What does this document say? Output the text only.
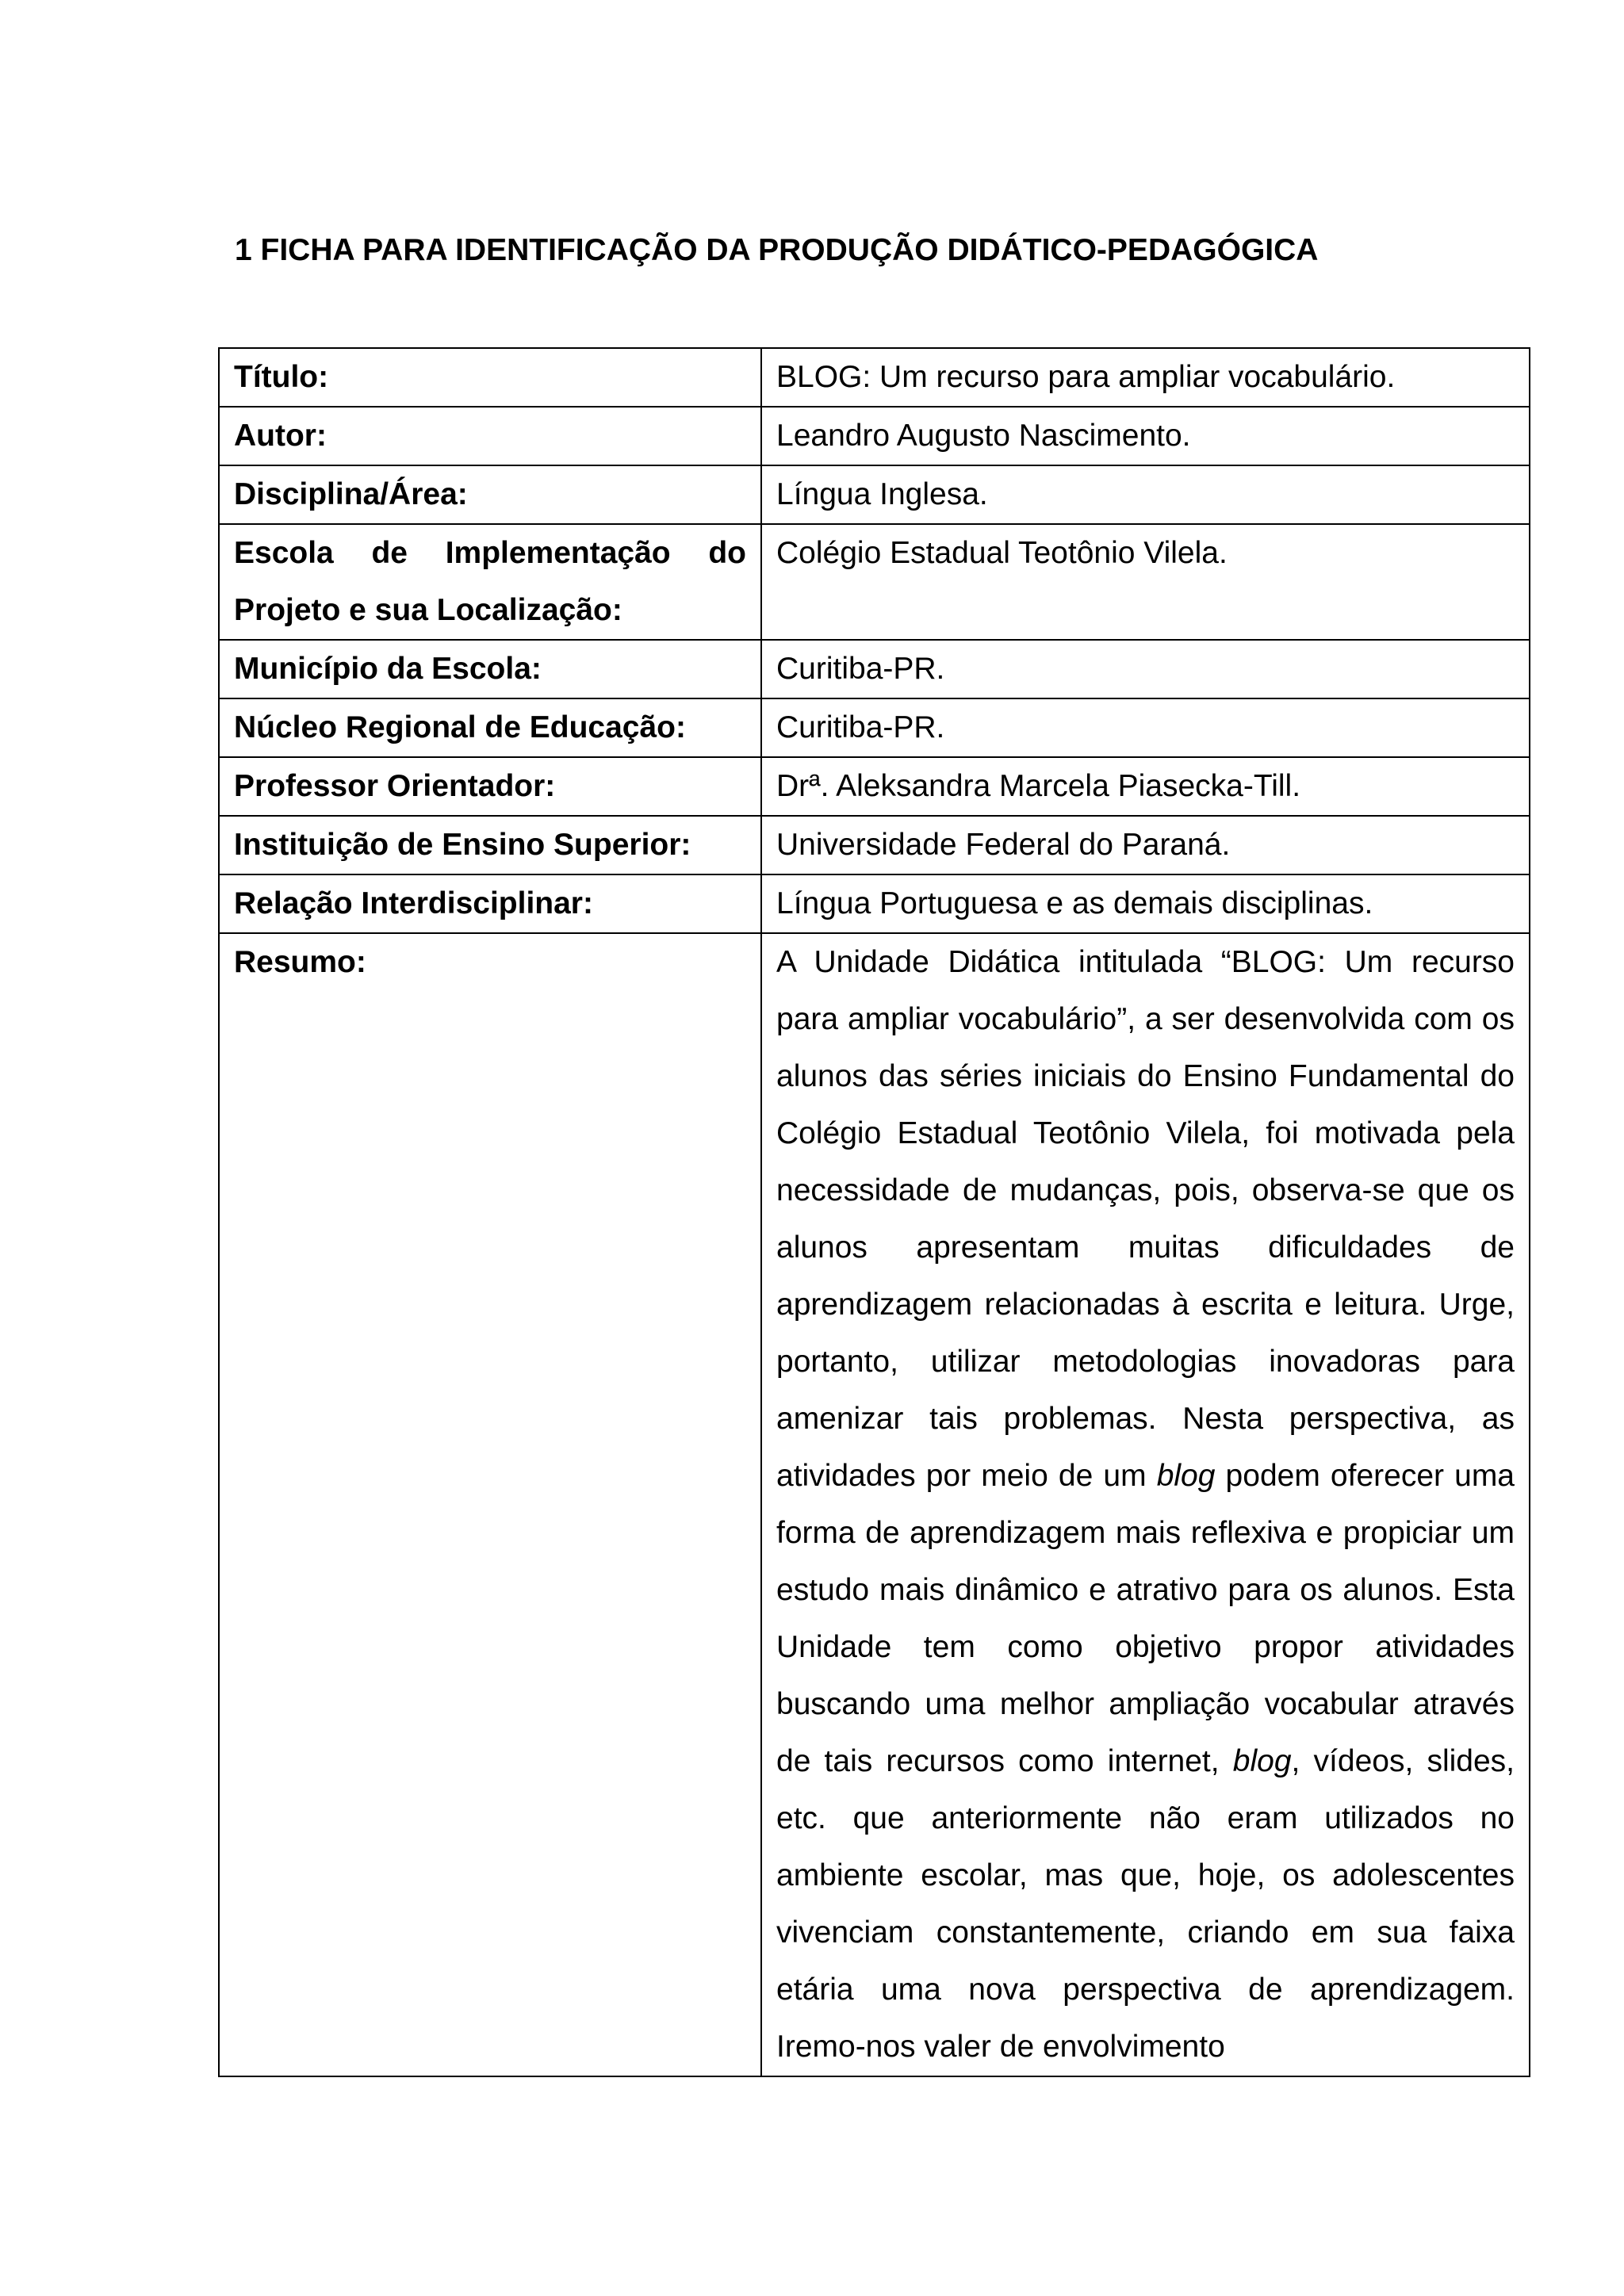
1 FICHA PARA IDENTIFICAÇÃO DA PRODUÇÃO DIDÁTICO-PEDAGÓGICA
Título:	BLOG: Um recurso para ampliar vocabulário.
Autor:	Leandro Augusto Nascimento.
Disciplina/Área:	Língua Inglesa.
Escola de Implementação do Projeto e sua Localização:	Colégio Estadual Teotônio Vilela.
Município da Escola:	Curitiba-PR.
Núcleo Regional de Educação:	Curitiba-PR.
Professor Orientador:	Drª. Aleksandra Marcela Piasecka-Till.
Instituição de Ensino Superior:	Universidade Federal do Paraná.
Relação Interdisciplinar:	Língua Portuguesa e as demais disciplinas.
Resumo:	A Unidade Didática intitulada “BLOG: Um recurso para ampliar vocabulário”, a ser desenvolvida com os alunos das séries iniciais do Ensino Fundamental do Colégio Estadual Teotônio Vilela, foi motivada pela necessidade de mudanças, pois, observa-se que os alunos apresentam muitas dificuldades de aprendizagem relacionadas à escrita e leitura. Urge, portanto, utilizar metodologias inovadoras para amenizar tais problemas. Nesta perspectiva, as atividades por meio de um blog podem oferecer uma forma de aprendizagem mais reflexiva e propiciar um estudo mais dinâmico e atrativo para os alunos. Esta Unidade tem como objetivo propor atividades buscando uma melhor ampliação vocabular através de tais recursos como internet, blog, vídeos, slides, etc. que anteriormente não eram utilizados no ambiente escolar, mas que, hoje, os adolescentes vivenciam constantemente, criando em sua faixa etária uma nova perspectiva de aprendizagem. Iremo-nos valer de envolvimento
